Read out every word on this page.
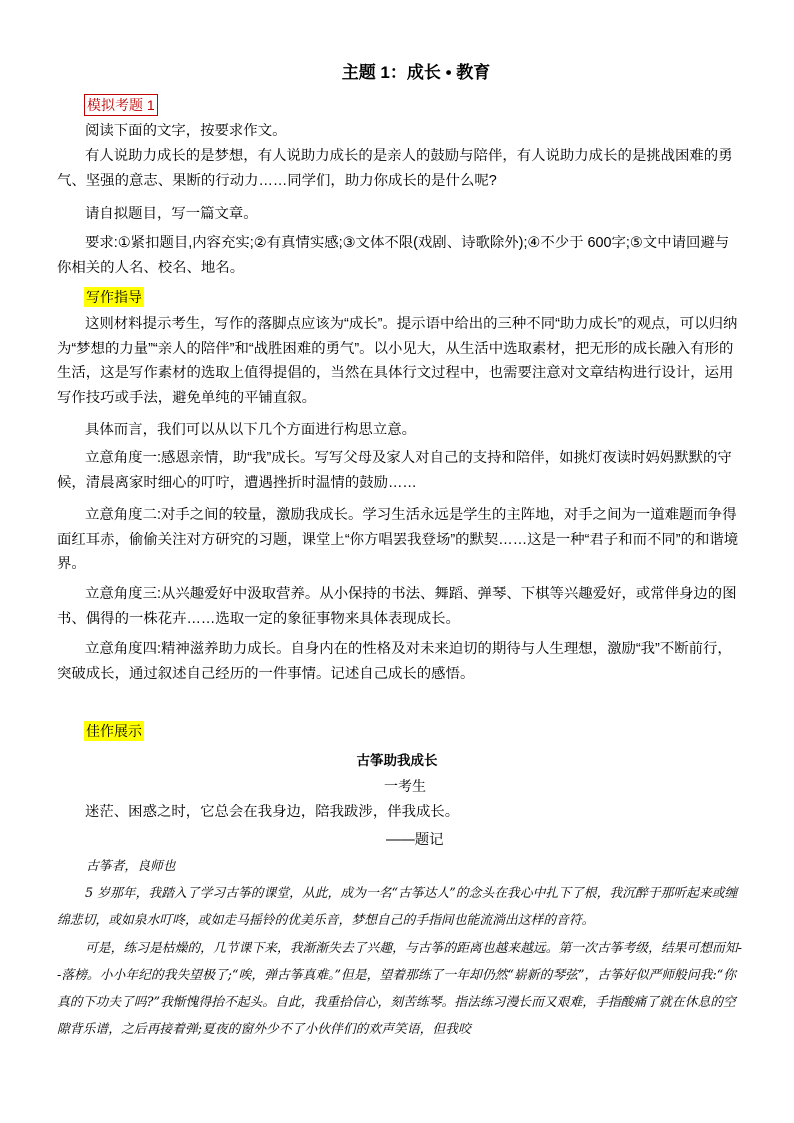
主题 1：成长 • 教育
模拟考题 1

阅读下面的文字，按要求作文。

有人说助力成长的是梦想，有人说助力成长的是亲人的鼓励与陪伴，有人说助力成长的是挑战困难的勇气、坚强的意志、果断的行动力……同学们，助力你成长的是什么呢?

请自拟题目，写一篇文章。

要求:①紧扣题目,内容充实;②有真情实感;③文体不限(戏剧、诗歌除外);④不少于 600字;⑤文中请回避与你相关的人名、校名、地名。

写作指导

这则材料提示考生，写作的落脚点应该为“成长”。提示语中给出的三种不同“助力成长”的观点，可以归纳为“梦想的力量”“亲人的陪伴”和“战胜困难的勇气”。以小见大，从生活中选取素材，把无形的成长融入有形的生活，这是写作素材的选取上值得提倡的，当然在具体行文过程中，也需要注意对文章结构进行设计，运用写作技巧或手法，避免单纯的平铺直叙。

具体而言，我们可以从以下几个方面进行构思立意。

立意角度一:感恩亲情，助“我”成长。写写父母及家人对自己的支持和陪伴，如挑灯夜读时妈妈默默的守候，清晨离家时细心的叮咛，遭遇挫折时温情的鼓励……

立意角度二:对手之间的较量，激励我成长。学习生活永远是学生的主阵地，对手之间为一道难题而争得面红耳赤，偷偷关注对方研究的习题，课堂上“你方唱罢我登场”的默契……这是一种“君子和而不同”的和谐境界。

立意角度三:从兴趣爱好中汲取营养。从小保持的书法、舞蹈、弹琴、下棋等兴趣爱好，或常伴身边的图书、偶得的一株花卉……选取一定的象征事物来具体表现成长。

立意角度四:精神滋养助力成长。自身内在的性格及对未来迫切的期待与人生理想，激励“我”不断前行，突破成长，通过叙述自己经历的一件事情。记述自己成长的感悟。

佳作展示
古筝助我成长
一考生

迷茫、困惑之时，它总会在我身边，陪我跋涉，伴我成长。

——题记

古筝者，良师也

5 岁那年，我踏入了学习古筝的课堂，从此，成为一名“古筝达人”的念头在我心中扎下了根，我沉醉于那听起来或缠绵悲切，或如泉水叮咚，或如走马摇铃的优美乐音，梦想自己的手指间也能流淌出这样的音符。

可是，练习是枯燥的，几节课下来，我渐渐失去了兴趣，与古筝的距离也越来越远。第一次古筝考级，结果可想而知--落榜。小小年纪的我失望极了;“唉，弹古筝真难。”但是，望着那练了一年却仍然“崭新的琴弦”，古筝好似严师般问我:“你真的下功夫了吗?”我惭愧得抬不起头。自此，我重拾信心，刻苦练琴。指法练习漫长而又艰难，手指酸痛了就在休息的空隙背乐谱，之后再接着弹;夏夜的窗外少不了小伙伴们的欢声笑语，但我咬
